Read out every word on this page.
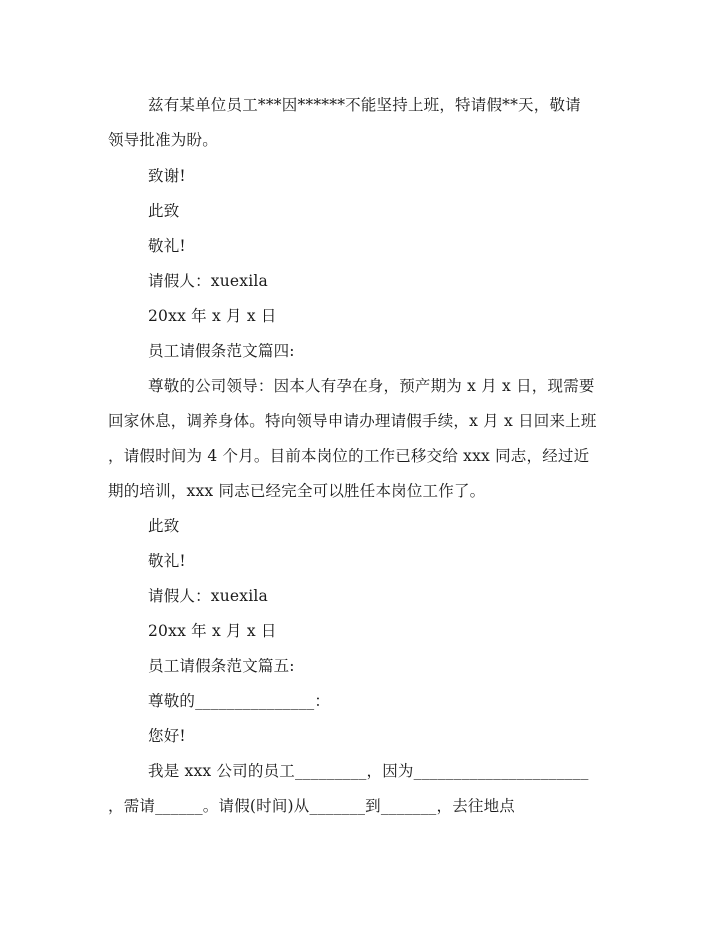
兹有某单位员工***因******不能坚持上班，特请假**天，敬请
领导批准为盼。
致谢!
此致
敬礼!
请假人：xuexila
20xx 年 x 月 x 日
员工请假条范文篇四:
尊敬的公司领导：因本人有孕在身，预产期为 x 月 x 日，现需要
回家休息，调养身体。特向领导申请办理请假手续，x 月 x 日回来上班
，请假时间为 4 个月。目前本岗位的工作已移交给 xxx 同志，经过近
期的培训，xxx 同志已经完全可以胜任本岗位工作了。
此致
敬礼!
请假人：xuexila
20xx 年 x 月 x 日
员工请假条范文篇五:
尊敬的_______________：
您好!
我是 xxx 公司的员工_________，因为______________________
，需请______。请假(时间)从_______到_______，去往地点
